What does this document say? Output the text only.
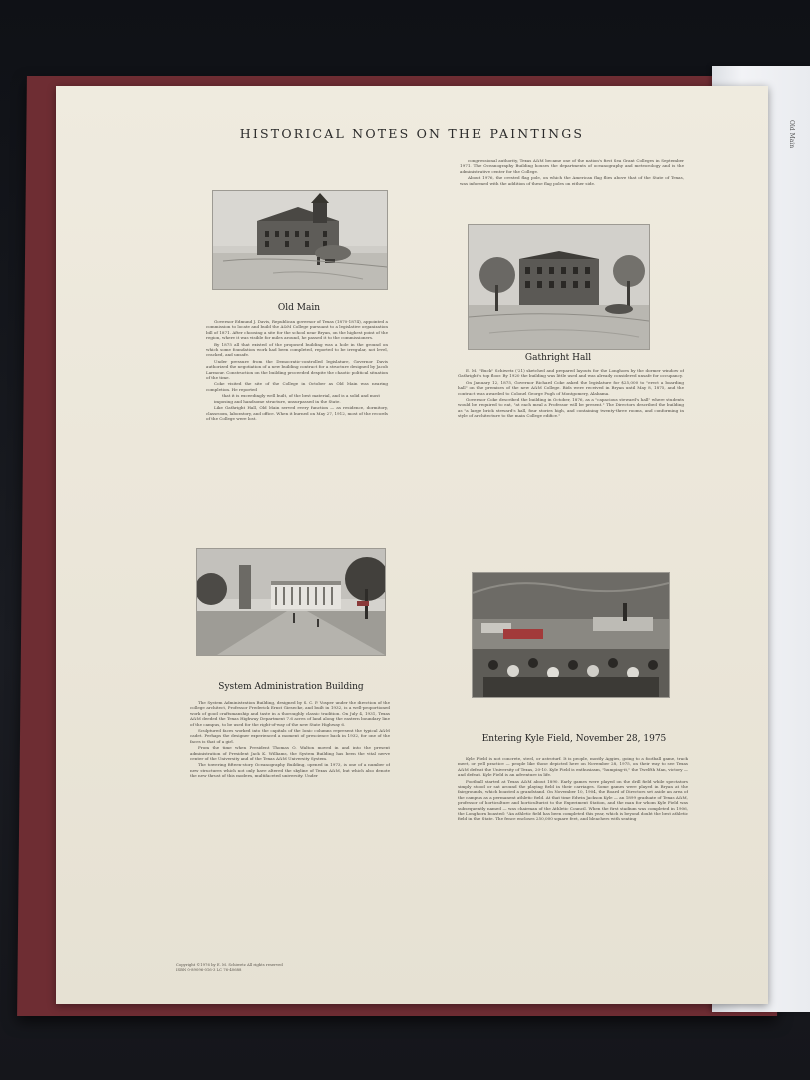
Old Main
HISTORICAL NOTES ON THE PAINTINGS
Old Main

Governor Edmund J. Davis, Republican governor of Texas (1870-1874), appointed a commission to locate and build the A&M College pursuant to a legislative organization bill of 1871. After choosing a site for the school near Bryan, on the highest point of the region, where it was visible for miles around, he passed it to the commissioners.

By 1875 all that existed of the proposed building was a hole in the ground on which some foundation work had been completed, reported to be irregular, not level, cracked, and unsafe.

Under pressure from the Democratic-controlled legislature, Governor Davis authorized the negotiation of a new building contract for a structure designed by Jacob Larmour. Construction on the building proceeded despite the chaotic political situation of the time.

Coke visited the site of the College in October as Old Main was nearing completion. He reported

that it is exceedingly well built, of the best material, and is a solid and most imposing and handsome structure, unsurpassed in the State.

Like Gathright Hall, Old Main served every function — as residence, dormitory, classroom, laboratory, and office. When it burned on May 27, 1912, most of the records of the College were lost.

congressional authority, Texas A&M became one of the nation's first Sea Grant Colleges in September 1971. The Oceanography Building houses the departments of oceanography and meteorology and is the administrative center for the College.

About 1976, the crested flag pole, on which the American flag flies above that of the State of Texas, was informed with the addition of these flag poles on either side.

Gathright Hall

E. M. "Buck" Schiwetz ('21) sketched and prepared layouts for the Longhorn by the dormer window of Gathright's top floor. By 1920 the building was little used and was already considered unsafe for occupancy.

On January 12, 1875, Governor Richard Coke asked the legislature for $25,000 to "erect a boarding hall" on the premises of the new A&M College. Bids were received in Bryan until May 8, 1875, and the contract was awarded to Colonel George Pugh of Montgomery, Alabama.

Governor Coke described the building in October, 1876, as a "capacious steward's hall" where students would be required to eat, "at each meal a Professor will be present." The Directors described the building as "a large brick steward's hall, four stories high, and containing twenty-three rooms, and conforming in style of architecture to the main College edifice."

System Administration Building

The System Administration Building, designed by S. C. P. Vosper under the direction of the college architect, Professor Frederick Ernst Giesecke, and built in 1932, is a well-proportioned work of good craftsmanship and taste in a thoroughly classic tradition. On July 4, 1931, Texas A&M deeded the Texas Highway Department 7.6 acres of land along the eastern boundary line of the campus, to be used for the right-of-way of the new State Highway 6.

Sculptured faces worked into the capitals of the Ionic columns represent the typical A&M cadet. Perhaps the designer experienced a moment of prescience back in 1932, for one of the faces is that of a girl.

From the time when President Thomas O. Walton moved in and into the present administration of President Jack K. Williams, the System Building has been the vital nerve center of the University and of the Texas A&M University System.

The towering fifteen-story Oceanography Building, opened in 1973, is one of a number of new structures which not only have altered the skyline of Texas A&M, but which also denote the new thrust of this modern, multifaceted university. Under

Entering Kyle Field, November 28, 1975

Kyle Field is not concrete, steel, or astroturf. It is people, mostly Aggies, going to a football game, track meet, or yell practice — people like those depicted here on November 28, 1975, on their way to see Texas A&M defeat the University of Texas, 20-10. Kyle Field is enthusiasm, "humping-it," the Twelfth Man, victory — and defeat. Kyle Field is an adventure in life.

Football started at Texas A&M about 1890. Early games were played on the drill field while spectators simply stood or sat around the playing field in their carriages. Some games were played in Bryan at the fairgrounds, which boasted a grandstand. On November 10, 1904, the Board of Directors set aside an area of the campus as a permanent athletic field. At that time Edwin Jackson Kyle — an 1899 graduate of Texas A&M, professor of horticulture and horticulturist to the Experiment Station, and the man for whom Kyle Field was subsequently named — was chairman of the Athletic Council. When the first stadium was completed in 1906, the Longhorn boasted: "An athletic field has been completed this year, which is beyond doubt the best athletic field in the State. The fence encloses 250,000 square feet, and bleachers with seating

Copyright ©1976 by E. M. Schiwetz All rights reserved
ISBN 0-89096-016-3 LC 76-40688
